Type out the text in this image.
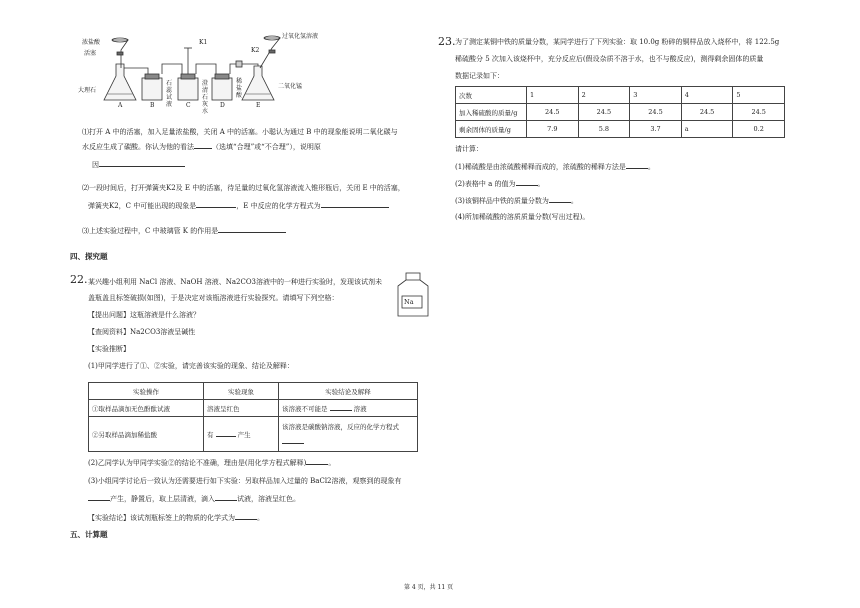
浓盐酸
活塞
大理石
过氧化氢溶液
K1
K2
二氧化锰
石蕊试液
澄清石灰水
稀盐酸
A	B	C	D	E
⑴打开 A 中的活塞，加入足量浓盐酸，关闭 A 中的活塞。小聪认为通过 B 中的现象能说明二氧化碳与
水反应生成了碳酸。你认为他的看法	（选填“合理”或“不合理”），说明原
因
⑵一段时间后，打开弹簧夹K2及 E 中的活塞，待足量的过氧化氢溶液流入锥形瓶后，关闭 E 中的活塞，
弹簧夹K2，C 中可能出现的现象是	，E 中反应的化学方程式为
⑶上述实验过程中，C 中玻璃管 K 的作用是
四、探究题
22. 某兴趣小组利用 NaCl 溶液、NaOH 溶液、Na2CO3溶液中的一种进行实验时，发现该试剂未
盖瓶盖且标签破损(如图)，于是决定对该瓶溶液进行实验探究。请填写下列空格：	Na
【提出问题】这瓶溶液是什么溶液？
【查阅资料】Na2CO3溶液呈碱性
【实验推断】
(1)甲同学进行了①、②实验，请完善该实验的现象、结论及解释：
实验操作	实验现象	实验结论及解释
①取样品滴加无色酚酞试液	溶液呈红色	该溶液不可能是 溶液
②另取样品滴加稀盐酸	有 产生	该溶液是碳酸钠溶液，反应的化学方程式

(2)乙同学认为甲同学实验②的结论不准确，理由是(用化学方程式解释)	。
(3)小组同学讨论后一致认为还需要进行如下实验：另取样品加入过量的 BaCl2溶液，观察到的现象有
产生，静置后，取上层清液，滴入	试液，溶液呈红色。
【实验结论】该试剂瓶标签上的物质的化学式为	。
五、计算题
23. 为了测定某铜中铁的质量分数，某同学进行了下列实验：取 10.0g 粉碎的铜样品放入烧杯中，将 122.5g
稀硫酸分 5 次加入该烧杯中，充分反应后(假设杂质不溶于水，也不与酸反应)，测得剩余固体的质量
数据记录如下：
次数	1	2	3	4	5
加入稀硫酸的质量/g	24.5	24.5	24.5	24.5	24.5
剩余固体的质量/g	7.9	5.8	3.7	a	0.2
请计算：
(1)稀硫酸是由浓硫酸稀释而成的，浓硫酸的稀释方法是	。
(2)表格中 a 的值为	。
(3)该铜样品中铁的质量分数为	。
(4)所加稀硫酸的溶质质量分数(写出过程)。
第 4 页，共 11 页
